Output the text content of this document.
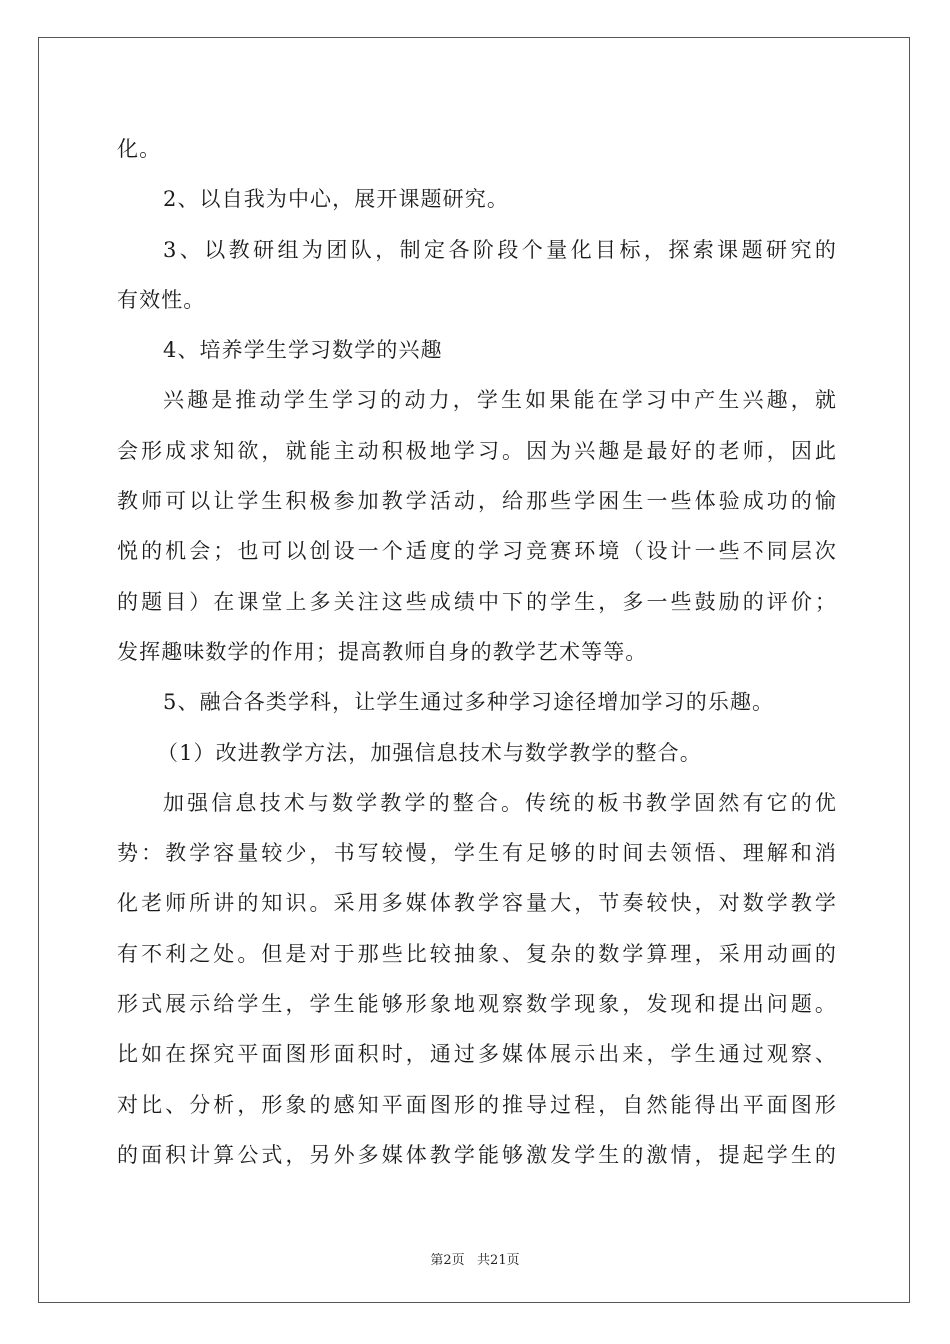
化。
2、以自我为中心，展开课题研究。
3、以教研组为团队，制定各阶段个量化目标，探索课题研究的
有效性。
4、培养学生学习数学的兴趣
兴趣是推动学生学习的动力，学生如果能在学习中产生兴趣，就
会形成求知欲，就能主动积极地学习。因为兴趣是最好的老师，因此
教师可以让学生积极参加教学活动，给那些学困生一些体验成功的愉
悦的机会；也可以创设一个适度的学习竞赛环境（设计一些不同层次
的题目）在课堂上多关注这些成绩中下的学生，多一些鼓励的评价；
发挥趣味数学的作用；提高教师自身的教学艺术等等。
5、融合各类学科，让学生通过多种学习途径增加学习的乐趣。
（1）改进教学方法，加强信息技术与数学教学的整合。
加强信息技术与数学教学的整合。传统的板书教学固然有它的优
势：教学容量较少，书写较慢，学生有足够的时间去领悟、理解和消
化老师所讲的知识。采用多媒体教学容量大，节奏较快，对数学教学
有不利之处。但是对于那些比较抽象、复杂的数学算理，采用动画的
形式展示给学生，学生能够形象地观察数学现象，发现和提出问题。
比如在探究平面图形面积时，通过多媒体展示出来，学生通过观察、
对比、分析，形象的感知平面图形的推导过程，自然能得出平面图形
的面积计算公式，另外多媒体教学能够激发学生的激情，提起学生的
第2页   共21页
